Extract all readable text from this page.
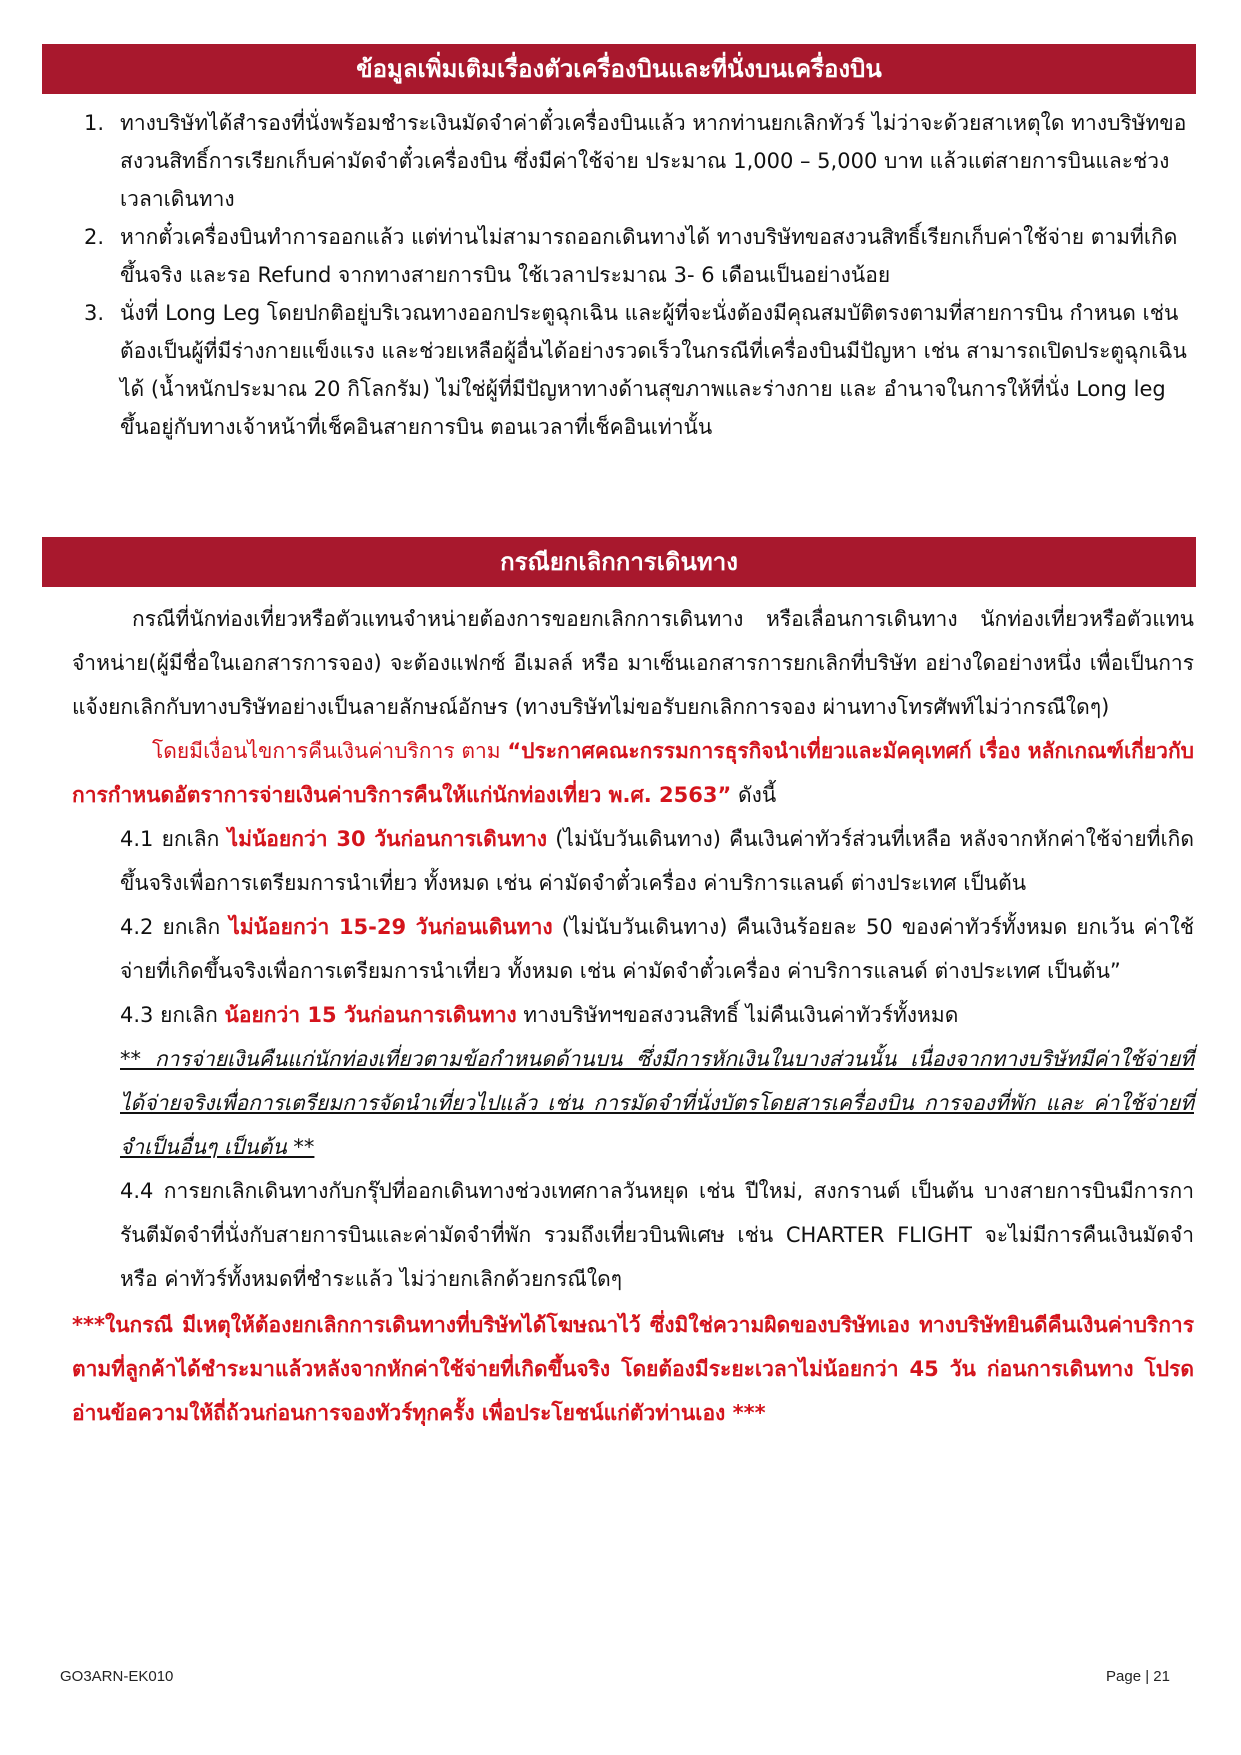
ข้อมูลเพิ่มเติมเรื่องตัวเครื่องบินและที่นั่งบนเครื่องบิน
1. ทางบริษัทได้สำรองที่นั่งพร้อมชำระเงินมัดจำค่าตั๋วเครื่องบินแล้ว หากท่านยกเลิกทัวร์ ไม่ว่าจะด้วยสาเหตุใด ทางบริษัทขอสงวนสิทธิ์การเรียกเก็บค่ามัดจำตั๋วเครื่องบิน ซึ่งมีค่าใช้จ่าย ประมาณ 1,000 – 5,000 บาท แล้วแต่สายการบินและช่วงเวลาเดินทาง
2. หากตั๋วเครื่องบินทำการออกแล้ว แต่ท่านไม่สามารถออกเดินทางได้ ทางบริษัทขอสงวนสิทธิ์เรียกเก็บค่าใช้จ่าย ตามที่เกิดขึ้นจริง และรอ Refund จากทางสายการบิน ใช้เวลาประมาณ 3- 6 เดือนเป็นอย่างน้อย
3. นั่งที่ Long Leg โดยปกติอยู่บริเวณทางออกประตูฉุกเฉิน และผู้ที่จะนั่งต้องมีคุณสมบัติตรงตามที่สายการบิน กำหนด เช่น ต้องเป็นผู้ที่มีร่างกายแข็งแรง และช่วยเหลือผู้อื่นได้อย่างรวดเร็วในกรณีที่เครื่องบินมีปัญหา เช่น สามารถเปิดประตูฉุกเฉินได้ (น้ำหนักประมาณ 20 กิโลกรัม) ไม่ใช่ผู้ที่มีปัญหาทางด้านสุขภาพและร่างกาย และ อำนาจในการให้ที่นั่ง Long leg ขึ้นอยู่กับทางเจ้าหน้าที่เช็คอินสายการบิน ตอนเวลาที่เช็คอินเท่านั้น
กรณียกเลิกการเดินทาง

กรณีที่นักท่องเที่ยวหรือตัวแทนจำหน่ายต้องการขอยกเลิกการเดินทาง หรือเลื่อนการเดินทาง นักท่องเที่ยวหรือตัวแทนจำหน่าย(ผู้มีชื่อในเอกสารการจอง) จะต้องแฟกซ์ อีเมลล์ หรือ มาเซ็นเอกสารการยกเลิกที่บริษัท อย่างใดอย่างหนึ่ง เพื่อเป็นการแจ้งยกเลิกกับทางบริษัทอย่างเป็นลายลักษณ์อักษร (ทางบริษัทไม่ขอรับยกเลิกการจอง ผ่านทางโทรศัพท์ไม่ว่ากรณีใดๆ)

โดยมีเงื่อนไขการคืนเงินค่าบริการ ตาม “ประกาศคณะกรรมการธุรกิจนำเที่ยวและมัคคุเทศก์ เรื่อง หลักเกณฑ์เกี่ยวกับการกำหนดอัตราการจ่ายเงินค่าบริการคืนให้แก่นักท่องเที่ยว พ.ศ. 2563” ดังนี้

4.1 ยกเลิก ไม่น้อยกว่า 30 วันก่อนการเดินทาง (ไม่นับวันเดินทาง) คืนเงินค่าทัวร์ส่วนที่เหลือ หลังจากหักค่าใช้จ่ายที่เกิดขึ้นจริงเพื่อการเตรียมการนำเที่ยว ทั้งหมด เช่น ค่ามัดจำตั๋วเครื่อง ค่าบริการแลนด์ ต่างประเทศ เป็นต้น

4.2 ยกเลิก ไม่น้อยกว่า 15-29 วันก่อนเดินทาง (ไม่นับวันเดินทาง) คืนเงินร้อยละ 50 ของค่าทัวร์ทั้งหมด ยกเว้น ค่าใช้จ่ายที่เกิดขึ้นจริงเพื่อการเตรียมการนำเที่ยว ทั้งหมด เช่น ค่ามัดจำตั๋วเครื่อง ค่าบริการแลนด์ ต่างประเทศ เป็นต้น”

4.3 ยกเลิก น้อยกว่า 15 วันก่อนการเดินทาง ทางบริษัทฯขอสงวนสิทธิ์ ไม่คืนเงินค่าทัวร์ทั้งหมด

** การจ่ายเงินคืนแก่นักท่องเที่ยวตามข้อกำหนดด้านบน ซึ่งมีการหักเงินในบางส่วนนั้น เนื่องจากทางบริษัทมีค่าใช้จ่ายที่ได้จ่ายจริงเพื่อการเตรียมการจัดนำเที่ยวไปแล้ว เช่น การมัดจำที่นั่งบัตรโดยสารเครื่องบิน การจองที่พัก และ ค่าใช้จ่ายที่จำเป็นอื่นๆ เป็นต้น **

4.4 การยกเลิกเดินทางกับกรุ๊ปที่ออกเดินทางช่วงเทศกาลวันหยุด เช่น ปีใหม่, สงกรานต์ เป็นต้น บางสายการบินมีการการันตีมัดจำที่นั่งกับสายการบินและค่ามัดจำที่พัก รวมถึงเที่ยวบินพิเศษ เช่น CHARTER FLIGHT จะไม่มีการคืนเงินมัดจำ หรือ ค่าทัวร์ทั้งหมดที่ชำระแล้ว ไม่ว่ายกเลิกด้วยกรณีใดๆ

***ในกรณี มีเหตุให้ต้องยกเลิกการเดินทางที่บริษัทได้โฆษณาไว้ ซึ่งมิใช่ความผิดของบริษัทเอง ทางบริษัทยินดีคืนเงินค่าบริการตามที่ลูกค้าได้ชำระมาแล้วหลังจากหักค่าใช้จ่ายที่เกิดขึ้นจริง โดยต้องมีระยะเวลาไม่น้อยกว่า 45 วัน ก่อนการเดินทาง โปรดอ่านข้อความให้ถี่ถ้วนก่อนการจองทัวร์ทุกครั้ง เพื่อประโยชน์แก่ตัวท่านเอง ***

GO3ARN-EK010	Page | 21
